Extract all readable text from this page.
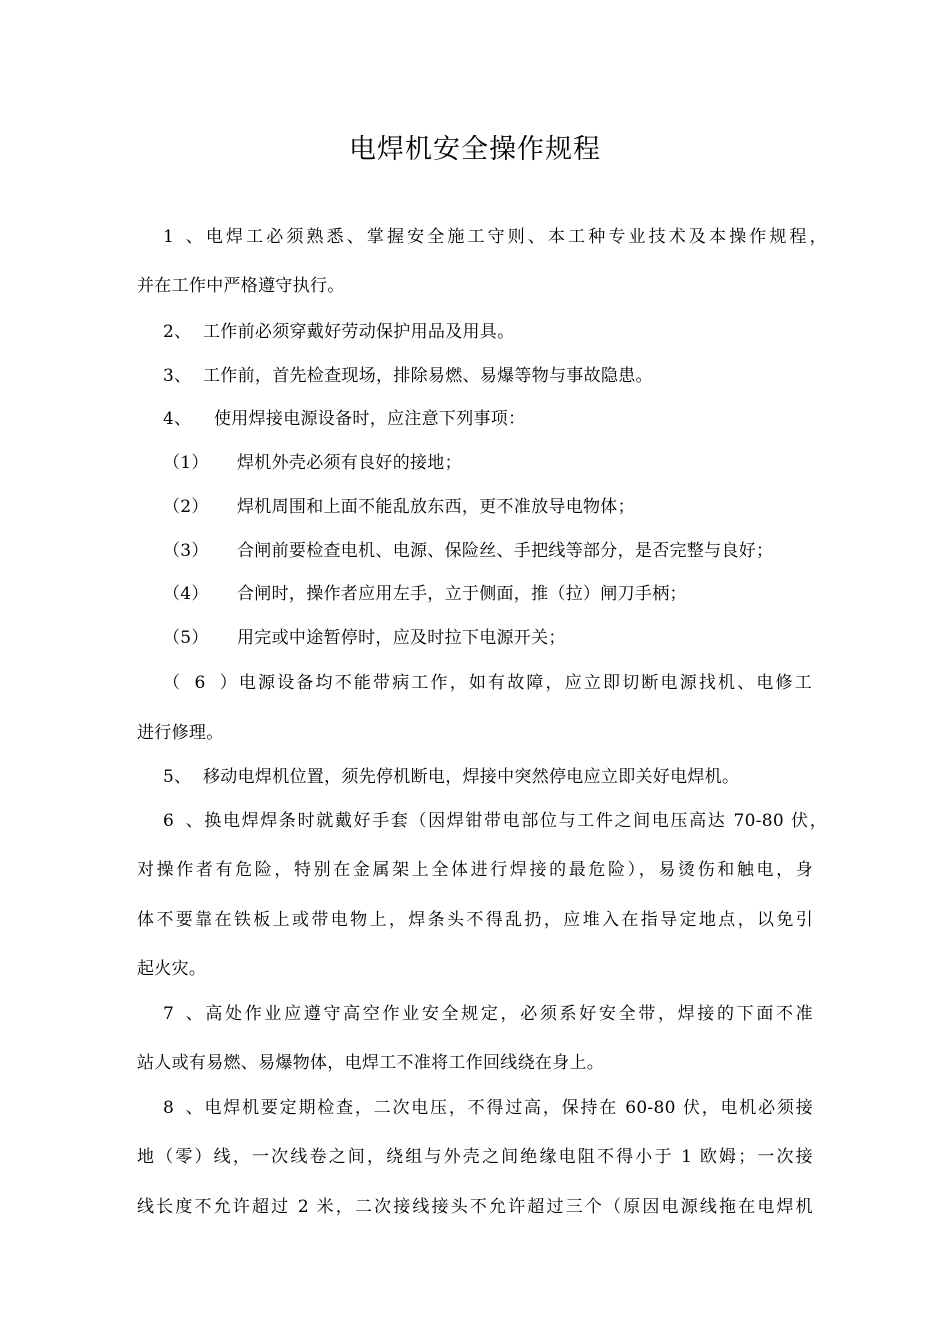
电焊机安全操作规程
1、电焊工必须熟悉、掌握安全施工守则、本工种专业技术及本操作规程，
并在工作中严格遵守执行。
2、 工作前必须穿戴好劳动保护用品及用具。
3、 工作前，首先检查现场，排除易燃、易爆等物与事故隐患。
4、 使用焊接电源设备时，应注意下列事项：
（1） 焊机外壳必须有良好的接地；
（2） 焊机周围和上面不能乱放东西，更不准放导电物体；
（3） 合闸前要检查电机、电源、保险丝、手把线等部分，是否完整与良好；
（4） 合闸时，操作者应用左手，立于侧面，推（拉）闸刀手柄；
（5） 用完或中途暂停时，应及时拉下电源开关；
（6）电源设备均不能带病工作，如有故障，应立即切断电源找机、电修工
进行修理。
5、 移动电焊机位置，须先停机断电，焊接中突然停电应立即关好电焊机。
6、换电焊焊条时就戴好手套（因焊钳带电部位与工件之间电压高达 70-80 伏，
对操作者有危险，特别在金属架上全体进行焊接的最危险），易烫伤和触电，身
体不要靠在铁板上或带电物上，焊条头不得乱扔，应堆入在指导定地点，以免引
起火灾。
7、高处作业应遵守高空作业安全规定，必须系好安全带，焊接的下面不准
站人或有易燃、易爆物体，电焊工不准将工作回线绕在身上。
8、电焊机要定期检查，二次电压，不得过高，保持在 60-80 伏，电机必须接
地（零）线，一次线卷之间，绕组与外壳之间绝缘电阻不得小于 1 欧姆；一次接
线长度不允许超过 2 米，二次接线接头不允许超过三个（原因电源线拖在电焊机
